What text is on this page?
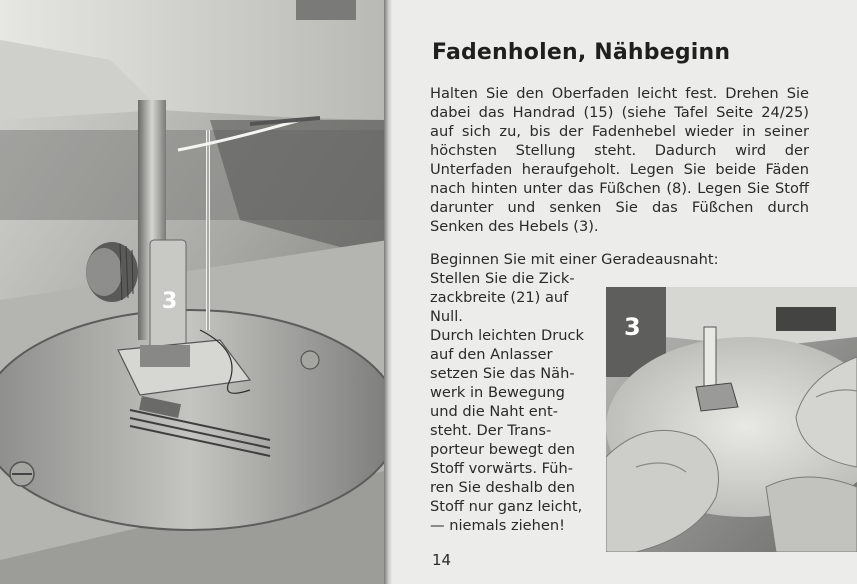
3
Fadenholen, Nähbeginn

Halten Sie den Oberfaden leicht fest. Drehen Sie dabei das Handrad (15) (siehe Tafel Seite 24/25) auf sich zu, bis der Fadenhebel wieder in seiner höchsten Stellung steht. Dadurch wird der Unterfaden heraufgeholt. Legen Sie beide Fäden nach hinten unter das Füßchen (8). Legen Sie Stoff darunter und senken Sie das Füßchen durch Senken des Hebels (3).

Beginnen Sie mit einer Geradeausnaht:

Stellen Sie die Zick-
zackbreite (21) auf
Null.
Durch leichten Druck
auf den Anlasser
setzen Sie das Näh-
werk in Bewegung
und die Naht ent-
steht. Der Trans-
porteur bewegt den
Stoff vorwärts. Füh-
ren Sie deshalb den
Stoff nur ganz leicht,
— niemals ziehen!

3
14
